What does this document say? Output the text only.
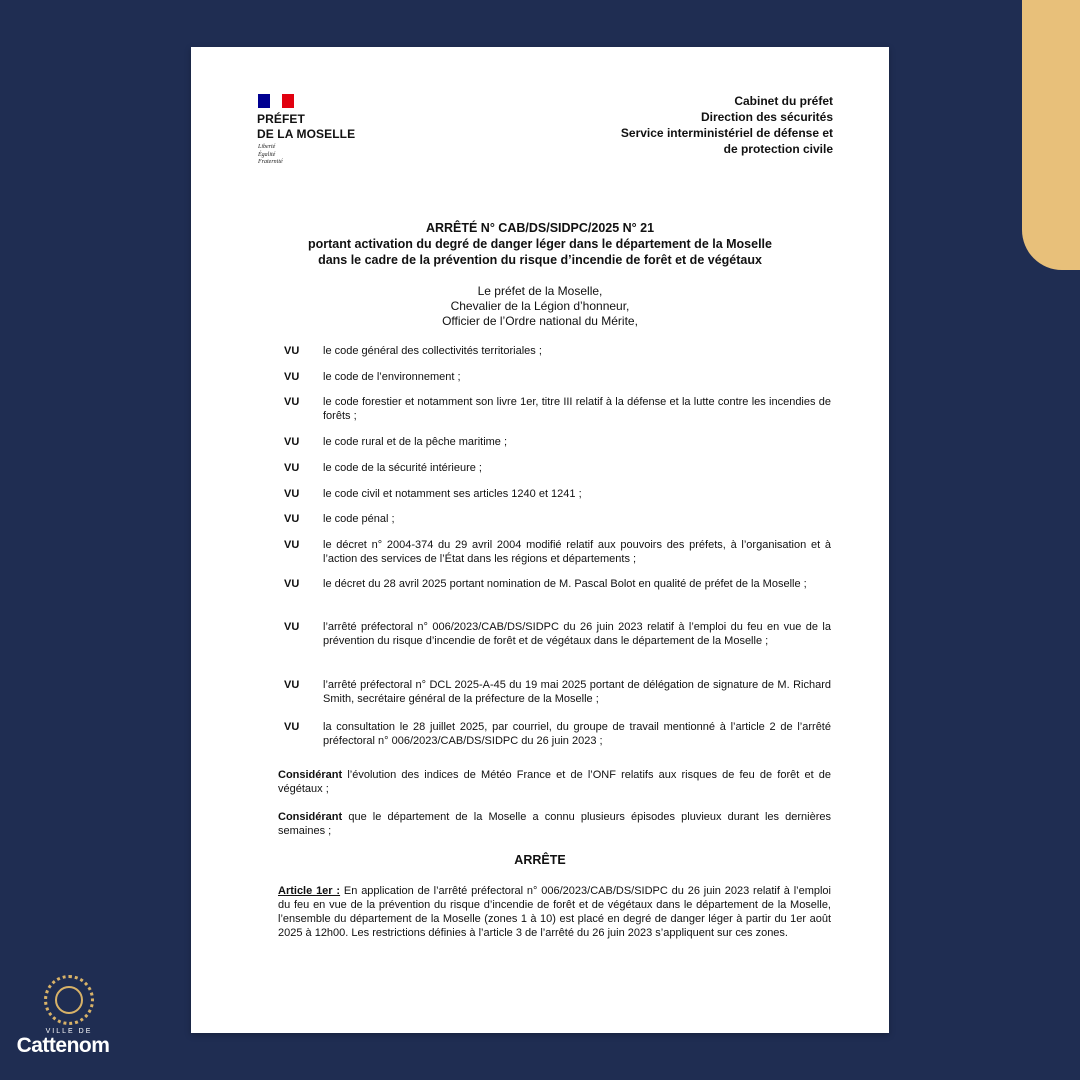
PRÉFET
DE LA MOSELLE
Liberté
Égalité
Fraternité
Cabinet du préfet
Direction des sécurités
Service interministériel de défense et
de protection civile
ARRÊTÉ N° CAB/DS/SIDPC/2025 N° 21
portant activation du degré de danger léger dans le département de la Moselle
dans le cadre de la prévention du risque d’incendie de forêt et de végétaux
Le préfet de la Moselle,
Chevalier de la Légion d’honneur,
Officier de l’Ordre national du Mérite,
VU le code général des collectivités territoriales ;
VU le code de l’environnement ;
VU le code forestier et notamment son livre 1er, titre III relatif à la défense et la lutte contre les incendies de forêts ;
VU le code rural et de la pêche maritime ;
VU le code de la sécurité intérieure ;
VU le code civil et notamment ses articles 1240 et 1241 ;
VU le code pénal ;
VU le décret n° 2004-374 du 29 avril 2004 modifié relatif aux pouvoirs des préfets, à l’organisation et à l’action des services de l’État dans les régions et départements ;
VU le décret du 28 avril 2025 portant nomination de M. Pascal Bolot en qualité de préfet de la Moselle ;
VU l’arrêté préfectoral n° 006/2023/CAB/DS/SIDPC du 26 juin 2023 relatif à l’emploi du feu en vue de la prévention du risque d’incendie de forêt et de végétaux dans le département de la Moselle ;
VU l’arrêté préfectoral n° DCL 2025-A-45 du 19 mai 2025 portant de délégation de signature de M. Richard Smith, secrétaire général de la préfecture de la Moselle ;
VU la consultation le 28 juillet 2025, par courriel, du groupe de travail mentionné à l’article 2 de l’arrêté préfectoral n° 006/2023/CAB/DS/SIDPC du 26 juin 2023 ;
Considérant l’évolution des indices de Météo France et de l’ONF relatifs aux risques de feu de forêt et de végétaux ;
Considérant que le département de la Moselle a connu plusieurs épisodes pluvieux durant les dernières semaines ;
ARRÊTE
Article 1er : En application de l’arrêté préfectoral n° 006/2023/CAB/DS/SIDPC du 26 juin 2023 relatif à l’emploi du feu en vue de la prévention du risque d’incendie de forêt et de végétaux dans le département de la Moselle, l’ensemble du département de la Moselle (zones 1 à 10) est placé en degré de danger léger à partir du 1er août 2025 à 12h00. Les restrictions définies à l’article 3 de l’arrêté du 26 juin 2023 s’appliquent sur ces zones.
VILLE DE
Cattenom
